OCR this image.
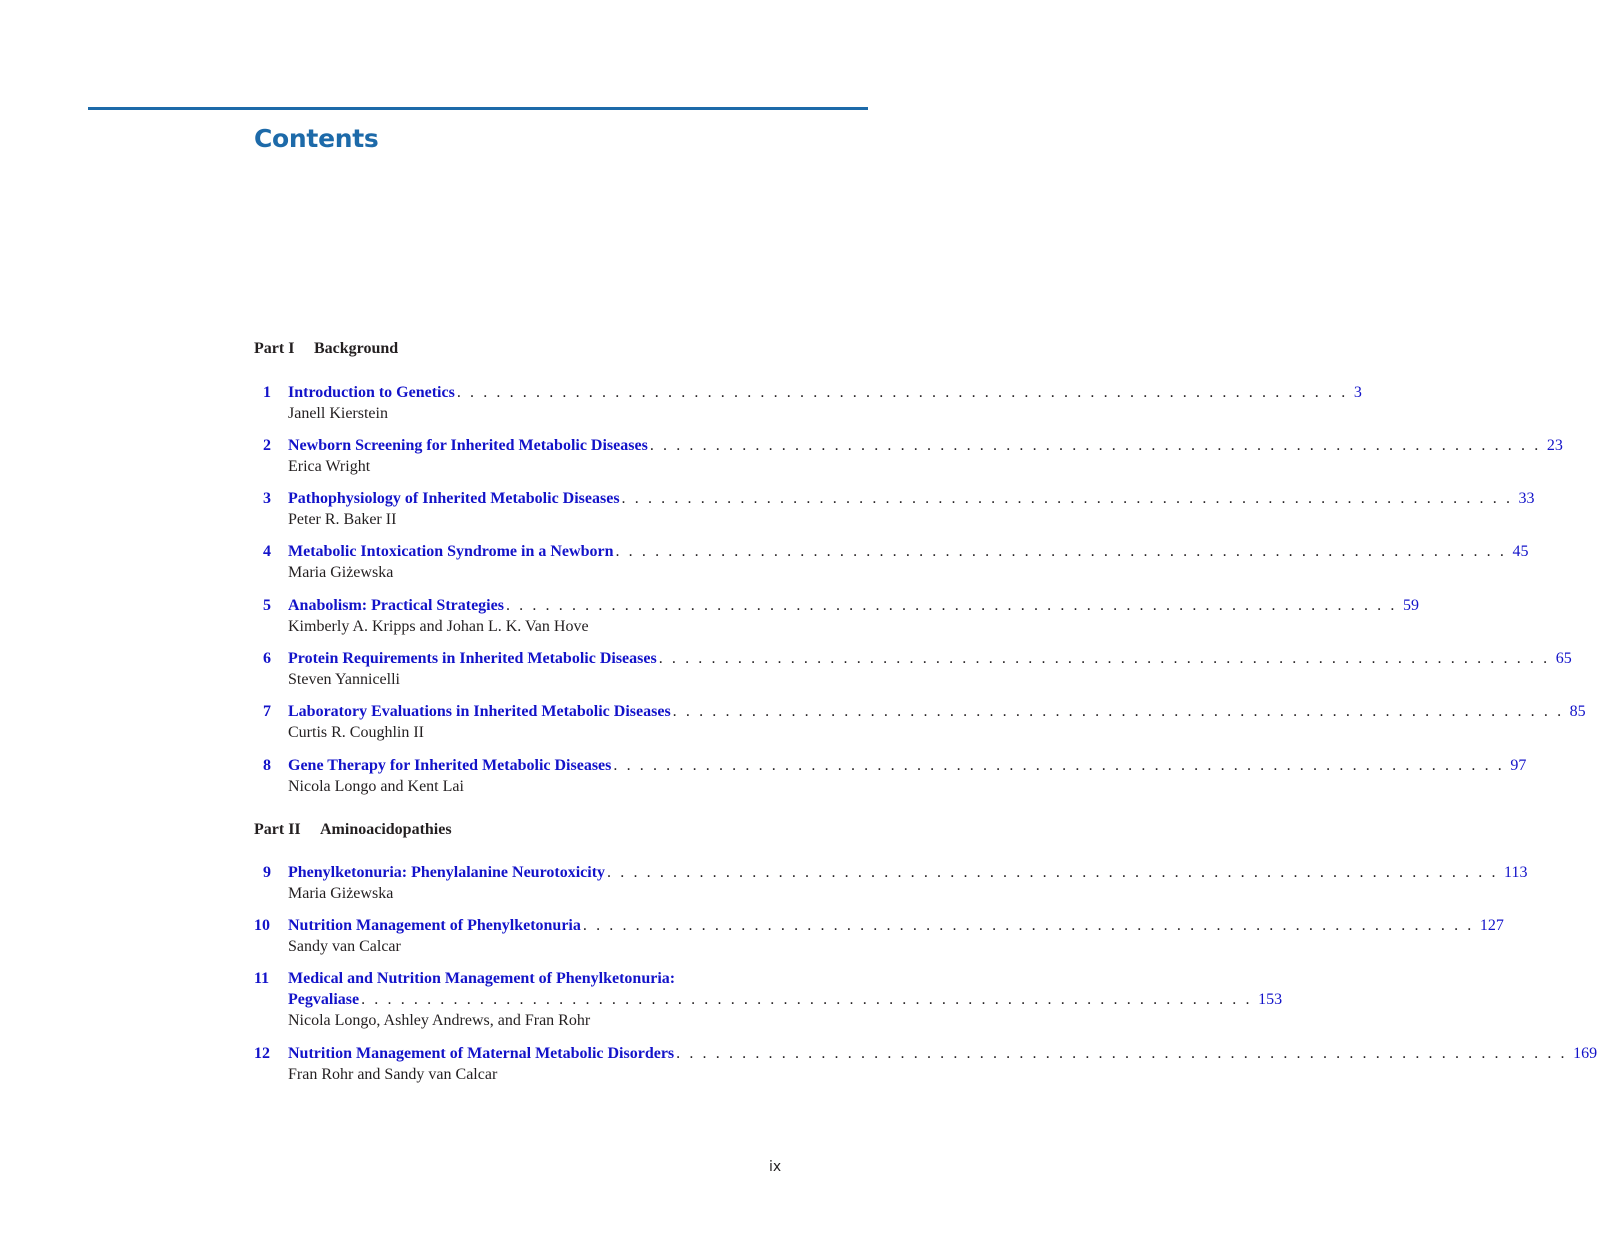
Contents
Part I Background
Part II Aminoacidopathies
1 Introduction to Genetics . . . . . . . . . . . . . . . . . . . . . . . . . . . . . . . . . . . . . . . . . . . . . . . . . . . . . . . . . . . . . . . . . . . . 3
Janell Kierstein
2 Newborn Screening for Inherited Metabolic Diseases . . . . . . . . . . . . . . . . . . . . . . . . . . . . . . . . . . . . . . . . . . . . . . . . . . . . . . . . . . . . . . . . . . . . 23
Erica Wright
3 Pathophysiology of Inherited Metabolic Diseases . . . . . . . . . . . . . . . . . . . . . . . . . . . . . . . . . . . . . . . . . . . . . . . . . . . . . . . . . . . . . . . . . . . . 33
Peter R. Baker II
4 Metabolic Intoxication Syndrome in a Newborn . . . . . . . . . . . . . . . . . . . . . . . . . . . . . . . . . . . . . . . . . . . . . . . . . . . . . . . . . . . . . . . . . . . . 45
Maria Giżewska
5 Anabolism: Practical Strategies . . . . . . . . . . . . . . . . . . . . . . . . . . . . . . . . . . . . . . . . . . . . . . . . . . . . . . . . . . . . . . . . . . . . 59
Kimberly A. Kripps and Johan L. K. Van Hove
6 Protein Requirements in Inherited Metabolic Diseases . . . . . . . . . . . . . . . . . . . . . . . . . . . . . . . . . . . . . . . . . . . . . . . . . . . . . . . . . . . . . . . . . . . . 65
Steven Yannicelli
7 Laboratory Evaluations in Inherited Metabolic Diseases . . . . . . . . . . . . . . . . . . . . . . . . . . . . . . . . . . . . . . . . . . . . . . . . . . . . . . . . . . . . . . . . . . . . 85
Curtis R. Coughlin II
8 Gene Therapy for Inherited Metabolic Diseases . . . . . . . . . . . . . . . . . . . . . . . . . . . . . . . . . . . . . . . . . . . . . . . . . . . . . . . . . . . . . . . . . . . . 97
Nicola Longo and Kent Lai
9 Phenylketonuria: Phenylalanine Neurotoxicity . . . . . . . . . . . . . . . . . . . . . . . . . . . . . . . . . . . . . . . . . . . . . . . . . . . . . . . . . . . . . . . . . . . . 113
Maria Giżewska
10 Nutrition Management of Phenylketonuria . . . . . . . . . . . . . . . . . . . . . . . . . . . . . . . . . . . . . . . . . . . . . . . . . . . . . . . . . . . . . . . . . . . . 127
Sandy van Calcar
11 Medical and Nutrition Management of Phenylketonuria:
Pegvaliase . . . . . . . . . . . . . . . . . . . . . . . . . . . . . . . . . . . . . . . . . . . . . . . . . . . . . . . . . . . . . . . . . . . . 153
Nicola Longo, Ashley Andrews, and Fran Rohr
12 Nutrition Management of Maternal Metabolic Disorders . . . . . . . . . . . . . . . . . . . . . . . . . . . . . . . . . . . . . . . . . . . . . . . . . . . . . . . . . . . . . . . . . . . . 169
Fran Rohr and Sandy van Calcar
ix
